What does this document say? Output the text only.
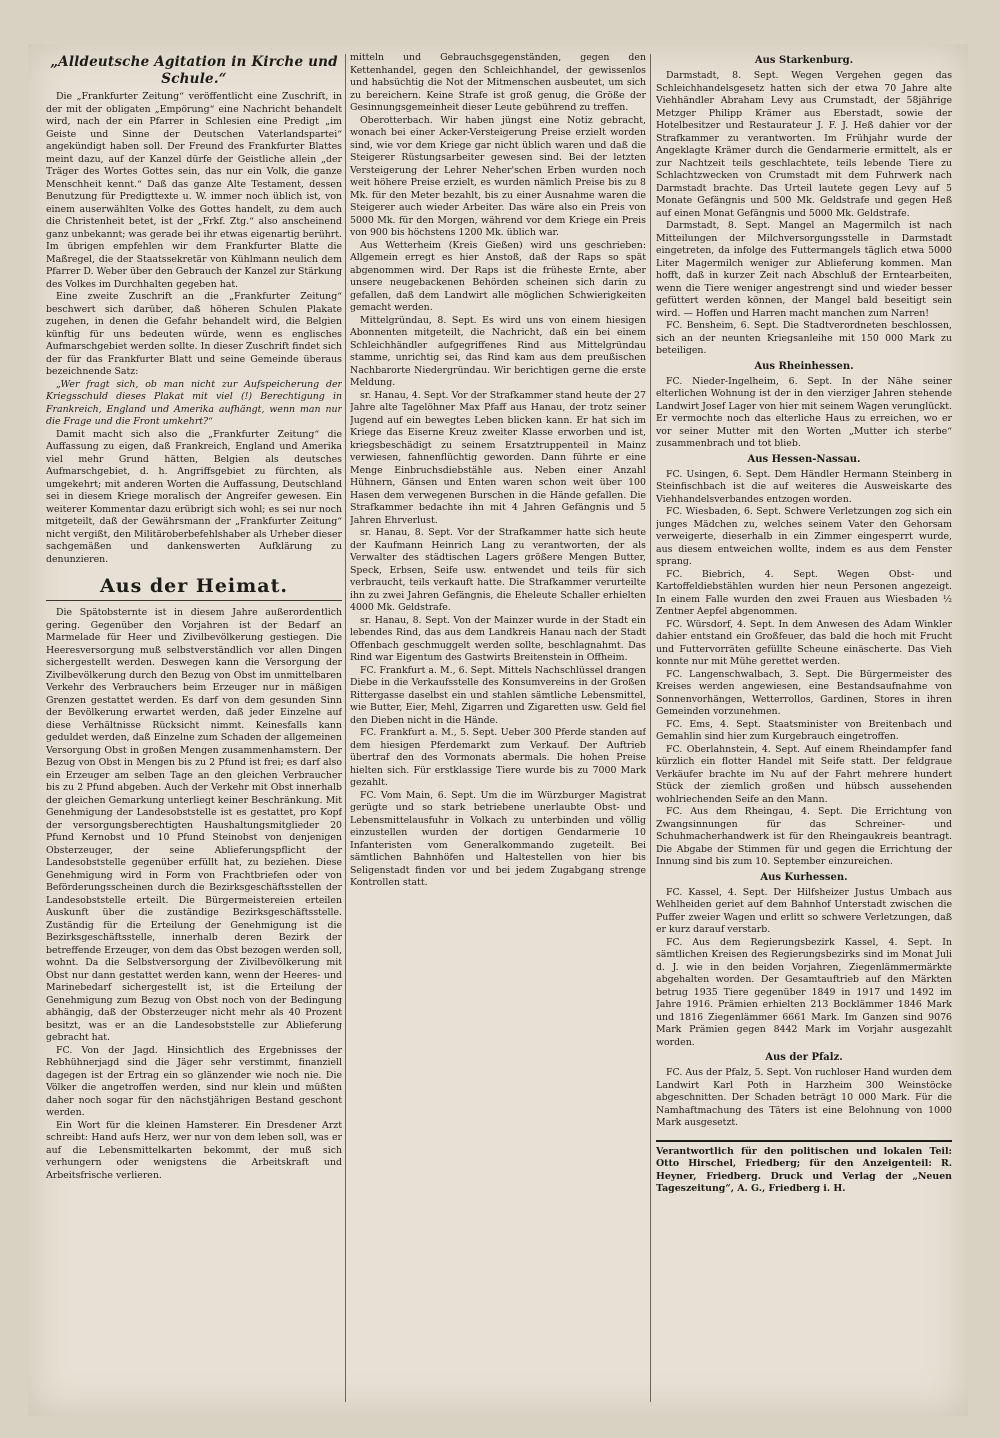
„Alldeutsche Agitation in Kirche und Schule.“

Die „Frankfurter Zeitung“ veröffentlicht eine Zuschrift, in der mit der obligaten „Empörung“ eine Nachricht behandelt wird, nach der ein Pfarrer in Schlesien eine Predigt „im Geiste und Sinne der Deutschen Vaterlandspartei“ angekündigt haben soll. Der Freund des Frankfurter Blattes meint dazu, auf der Kanzel dürfe der Geistliche allein „der Träger des Wortes Gottes sein, das nur ein Volk, die ganze Menschheit kennt.“ Daß das ganze Alte Testament, dessen Benutzung für Predigttexte u. W. immer noch üblich ist, von einem auserwählten Volke des Gottes handelt, zu dem auch die Christenheit betet, ist der „Frkf. Ztg.“ also anscheinend ganz unbekannt; was gerade bei ihr etwas eigenartig berührt. Im übrigen empfehlen wir dem Frankfurter Blatte die Maßregel, die der Staatssekretär von Kühlmann neulich dem Pfarrer D. Weber über den Gebrauch der Kanzel zur Stärkung des Volkes im Durchhalten gegeben hat.

Eine zweite Zuschrift an die „Frankfurter Zeitung“ beschwert sich darüber, daß höheren Schulen Plakate zugehen, in denen die Gefahr behandelt wird, die Belgien künftig für uns bedeuten würde, wenn es englisches Aufmarschgebiet werden sollte. In dieser Zuschrift findet sich der für das Frankfurter Blatt und seine Gemeinde überaus bezeichnende Satz:

„Wer fragt sich, ob man nicht zur Aufspeicherung der Kriegsschuld dieses Plakat mit viel (!) Berechtigung in Frankreich, England und Amerika aufhängt, wenn man nur die Frage und die Front umkehrt?“

Damit macht sich also die „Frankfurter Zeitung“ die Auffassung zu eigen, daß Frankreich, England und Amerika viel mehr Grund hätten, Belgien als deutsches Aufmarschgebiet, d. h. Angriffsgebiet zu fürchten, als umgekehrt; mit anderen Worten die Auffassung, Deutschland sei in diesem Kriege moralisch der Angreifer gewesen. Ein weiterer Kommentar dazu erübrigt sich wohl; es sei nur noch mitgeteilt, daß der Gewährsmann der „Frankfurter Zeitung“ nicht vergißt, den Militäroberbefehlshaber als Urheber dieser sachgemäßen und dankenswerten Aufklärung zu denunzieren.

Aus der Heimat.

Die Spätobsternte ist in diesem Jahre außerordentlich gering. Gegenüber den Vorjahren ist der Bedarf an Marmelade für Heer und Zivilbevölkerung gestiegen. Die Heeresversorgung muß selbstverständlich vor allen Dingen sichergestellt werden. Deswegen kann die Versorgung der Zivilbevölkerung durch den Bezug von Obst im unmittelbaren Verkehr des Verbrauchers beim Erzeuger nur in mäßigen Grenzen gestattet werden. Es darf von dem gesunden Sinn der Bevölkerung erwartet werden, daß jeder Einzelne auf diese Verhältnisse Rücksicht nimmt. Keinesfalls kann geduldet werden, daß Einzelne zum Schaden der allgemeinen Versorgung Obst in großen Mengen zusammenhamstern. Der Bezug von Obst in Mengen bis zu 2 Pfund ist frei; es darf also ein Erzeuger am selben Tage an den gleichen Verbraucher bis zu 2 Pfund abgeben. Auch der Verkehr mit Obst innerhalb der gleichen Gemarkung unterliegt keiner Beschränkung. Mit Genehmigung der Landesobststelle ist es gestattet, pro Kopf der versorgungsberechtigten Haushaltungsmitglieder 20 Pfund Kernobst und 10 Pfund Steinobst von denjenigen Obsterzeuger, der seine Ablieferungspflicht der Landesobststelle gegenüber erfüllt hat, zu beziehen. Diese Genehmigung wird in Form von Frachtbriefen oder von Beförderungsscheinen durch die Bezirksgeschäftsstellen der Landesobststelle erteilt. Die Bürgermeistereien erteilen Auskunft über die zuständige Bezirksgeschäftsstelle. Zuständig für die Erteilung der Genehmigung ist die Bezirksgeschäftsstelle, innerhalb deren Bezirk der betreffende Erzeuger, von dem das Obst bezogen werden soll, wohnt. Da die Selbstversorgung der Zivilbevölkerung mit Obst nur dann gestattet werden kann, wenn der Heeres- und Marinebedarf sichergestellt ist, ist die Erteilung der Genehmigung zum Bezug von Obst noch von der Bedingung abhängig, daß der Obsterzeuger nicht mehr als 40 Prozent besitzt, was er an die Landesobststelle zur Ablieferung gebracht hat.

FC. Von der Jagd. Hinsichtlich des Ergebnisses der Rebhühnerjagd sind die Jäger sehr verstimmt, finanziell dagegen ist der Ertrag ein so glänzender wie noch nie. Die Völker die angetroffen werden, sind nur klein und müßten daher noch sogar für den nächstjährigen Bestand geschont werden.

Ein Wort für die kleinen Hamsterer. Ein Dresdener Arzt schreibt: Hand aufs Herz, wer nur von dem leben soll, was er auf die Lebensmittelkarten bekommt, der muß sich verhungern oder wenigstens die Arbeitskraft und Arbeitsfrische verlieren.

mitteln und Gebrauchsgegenständen, gegen den Kettenhandel, gegen den Schleichhandel, der gewissenlos und habsüchtig die Not der Mitmenschen ausbeutet, um sich zu bereichern. Keine Strafe ist groß genug, die Größe der Gesinnungsgemeinheit dieser Leute gebührend zu treffen.

Oberotterbach. Wir haben jüngst eine Notiz gebracht, wonach bei einer Acker-Versteigerung Preise erzielt worden sind, wie vor dem Kriege gar nicht üblich waren und daß die Steigerer Rüstungsarbeiter gewesen sind. Bei der letzten Versteigerung der Lehrer Neher'schen Erben wurden noch weit höhere Preise erzielt, es wurden nämlich Preise bis zu 8 Mk. für den Meter bezahlt, bis zu einer Ausnahme waren die Steigerer auch wieder Arbeiter. Das wäre also ein Preis von 5000 Mk. für den Morgen, während vor dem Kriege ein Preis von 900 bis höchstens 1200 Mk. üblich war.

Aus Wetterheim (Kreis Gießen) wird uns geschrieben: Allgemein erregt es hier Anstoß, daß der Raps so spät abgenommen wird. Der Raps ist die früheste Ernte, aber unsere neugebackenen Behörden scheinen sich darin zu gefallen, daß dem Landwirt alle möglichen Schwierigkeiten gemacht werden.

Mittelgründau, 8. Sept. Es wird uns von einem hiesigen Abonnenten mitgeteilt, die Nachricht, daß ein bei einem Schleichhändler aufgegriffenes Rind aus Mittelgründau stamme, unrichtig sei, das Rind kam aus dem preußischen Nachbarorte Niedergründau. Wir berichtigen gerne die erste Meldung.

sr. Hanau, 4. Sept. Vor der Strafkammer stand heute der 27 Jahre alte Tagelöhner Max Pfaff aus Hanau, der trotz seiner Jugend auf ein bewegtes Leben blicken kann. Er hat sich im Kriege das Eiserne Kreuz zweiter Klasse erworben und ist, kriegsbeschädigt zu seinem Ersatztruppenteil in Mainz verwiesen, fahnenflüchtig geworden. Dann führte er eine Menge Einbruchsdiebstähle aus. Neben einer Anzahl Hühnern, Gänsen und Enten waren schon weit über 100 Hasen dem verwegenen Burschen in die Hände gefallen. Die Strafkammer bedachte ihn mit 4 Jahren Gefängnis und 5 Jahren Ehrverlust.

sr. Hanau, 8. Sept. Vor der Strafkammer hatte sich heute der Kaufmann Heinrich Lang zu verantworten, der als Verwalter des städtischen Lagers größere Mengen Butter, Speck, Erbsen, Seife usw. entwendet und teils für sich verbraucht, teils verkauft hatte. Die Strafkammer verurteilte ihn zu zwei Jahren Gefängnis, die Eheleute Schaller erhielten 4000 Mk. Geldstrafe.

sr. Hanau, 8. Sept. Von der Mainzer wurde in der Stadt ein lebendes Rind, das aus dem Landkreis Hanau nach der Stadt Offenbach geschmuggelt werden sollte, beschlagnahmt. Das Rind war Eigentum des Gastwirts Breitenstein in Offheim.

FC. Frankfurt a. M., 6. Sept. Mittels Nachschlüssel drangen Diebe in die Verkaufsstelle des Konsumvereins in der Großen Rittergasse daselbst ein und stahlen sämtliche Lebensmittel, wie Butter, Eier, Mehl, Zigarren und Zigaretten usw. Geld fiel den Dieben nicht in die Hände.

FC. Frankfurt a. M., 5. Sept. Ueber 300 Pferde standen auf dem hiesigen Pferdemarkt zum Verkauf. Der Auftrieb übertraf den des Vormonats abermals. Die hohen Preise hielten sich. Für erstklassige Tiere wurde bis zu 7000 Mark gezahlt.

FC. Vom Main, 6. Sept. Um die im Würzburger Magistrat gerügte und so stark betriebene unerlaubte Obst- und Lebensmittelausfuhr in Volkach zu unterbinden und völlig einzustellen wurden der dortigen Gendarmerie 10 Infanteristen vom Generalkommando zugeteilt. Bei sämtlichen Bahnhöfen und Haltestellen von hier bis Seligenstadt finden vor und bei jedem Zugabgang strenge Kontrollen statt.

Aus Starkenburg.

Darmstadt, 8. Sept. Wegen Vergehen gegen das Schleichhandelsgesetz hatten sich der etwa 70 Jahre alte Viehhändler Abraham Levy aus Crumstadt, der 58jährige Metzger Philipp Krämer aus Eberstadt, sowie der Hotelbesitzer und Restaurateur J. F. J. Heß dahier vor der Strafkammer zu verantworten. Im Frühjahr wurde der Angeklagte Krämer durch die Gendarmerie ermittelt, als er zur Nachtzeit teils geschlachtete, teils lebende Tiere zu Schlachtzwecken von Crumstadt mit dem Fuhrwerk nach Darmstadt brachte. Das Urteil lautete gegen Levy auf 5 Monate Gefängnis und 500 Mk. Geldstrafe und gegen Heß auf einen Monat Gefängnis und 5000 Mk. Geldstrafe.

Darmstadt, 8. Sept. Mangel an Magermilch ist nach Mitteilungen der Milchversorgungsstelle in Darmstadt eingetreten, da infolge des Futtermangels täglich etwa 5000 Liter Magermilch weniger zur Ablieferung kommen. Man hofft, daß in kurzer Zeit nach Abschluß der Erntearbeiten, wenn die Tiere weniger angestrengt sind und wieder besser gefüttert werden können, der Mangel bald beseitigt sein wird. — Hoffen und Harren macht manchen zum Narren!

FC. Bensheim, 6. Sept. Die Stadtverordneten beschlossen, sich an der neunten Kriegsanleihe mit 150 000 Mark zu beteiligen.

Aus Rheinhessen.

FC. Nieder-Ingelheim, 6. Sept. In der Nähe seiner elterlichen Wohnung ist der in den vierziger Jahren stehende Landwirt Josef Lager von hier mit seinem Wagen verunglückt. Er vermochte noch das elterliche Haus zu erreichen, wo er vor seiner Mutter mit den Worten „Mutter ich sterbe“ zusammenbrach und tot blieb.

Aus Hessen-Nassau.

FC. Usingen, 6. Sept. Dem Händler Hermann Steinberg in Steinfischbach ist die auf weiteres die Ausweiskarte des Viehhandelsverbandes entzogen worden.

FC. Wiesbaden, 6. Sept. Schwere Verletzungen zog sich ein junges Mädchen zu, welches seinem Vater den Gehorsam verweigerte, dieserhalb in ein Zimmer eingesperrt wurde, aus diesem entweichen wollte, indem es aus dem Fenster sprang.

FC. Biebrich, 4. Sept. Wegen Obst- und Kartoffeldiebstählen wurden hier neun Personen angezeigt. In einem Falle wurden den zwei Frauen aus Wiesbaden ½ Zentner Aepfel abgenommen.

FC. Würsdorf, 4. Sept. In dem Anwesen des Adam Winkler dahier entstand ein Großfeuer, das bald die hoch mit Frucht und Futtervorräten gefüllte Scheune einäscherte. Das Vieh konnte nur mit Mühe gerettet werden.

FC. Langenschwalbach, 3. Sept. Die Bürgermeister des Kreises werden angewiesen, eine Bestandsaufnahme von Sonnenvorhängen, Wetterrollos, Gardinen, Stores in ihren Gemeinden vorzunehmen.

FC. Ems, 4. Sept. Staatsminister von Breitenbach und Gemahlin sind hier zum Kurgebrauch eingetroffen.

FC. Oberlahnstein, 4. Sept. Auf einem Rheindampfer fand kürzlich ein flotter Handel mit Seife statt. Der feldgraue Verkäufer brachte im Nu auf der Fahrt mehrere hundert Stück der ziemlich großen und hübsch aussehenden wohlriechenden Seife an den Mann.

FC. Aus dem Rheingau, 4. Sept. Die Errichtung von Zwangsinnungen für das Schreiner- und Schuhmacherhandwerk ist für den Rheingaukreis beantragt. Die Abgabe der Stimmen für und gegen die Errichtung der Innung sind bis zum 10. September einzureichen.

Aus Kurhessen.

FC. Kassel, 4. Sept. Der Hilfsheizer Justus Umbach aus Wehlheiden geriet auf dem Bahnhof Unterstadt zwischen die Puffer zweier Wagen und erlitt so schwere Verletzungen, daß er kurz darauf verstarb.

FC. Aus dem Regierungsbezirk Kassel, 4. Sept. In sämtlichen Kreisen des Regierungsbezirks sind im Monat Juli d. J. wie in den beiden Vorjahren, Ziegenlämmermärkte abgehalten worden. Der Gesamtauftrieb auf den Märkten betrug 1935 Tiere gegenüber 1849 in 1917 und 1492 im Jahre 1916. Prämien erhielten 213 Bocklämmer 1846 Mark und 1816 Ziegenlämmer 6661 Mark. Im Ganzen sind 9076 Mark Prämien gegen 8442 Mark im Vorjahr ausgezahlt worden.

Aus der Pfalz.

FC. Aus der Pfalz, 5. Sept. Von ruchloser Hand wurden dem Landwirt Karl Poth in Harzheim 300 Weinstöcke abgeschnitten. Der Schaden beträgt 10 000 Mark. Für die Namhaftmachung des Täters ist eine Belohnung von 1000 Mark ausgesetzt.

Verantwortlich für den politischen und lokalen Teil: Otto Hirschel, Friedberg; für den Anzeigenteil: R. Heyner, Friedberg. Druck und Verlag der „Neuen Tageszeitung“, A. G., Friedberg i. H.
